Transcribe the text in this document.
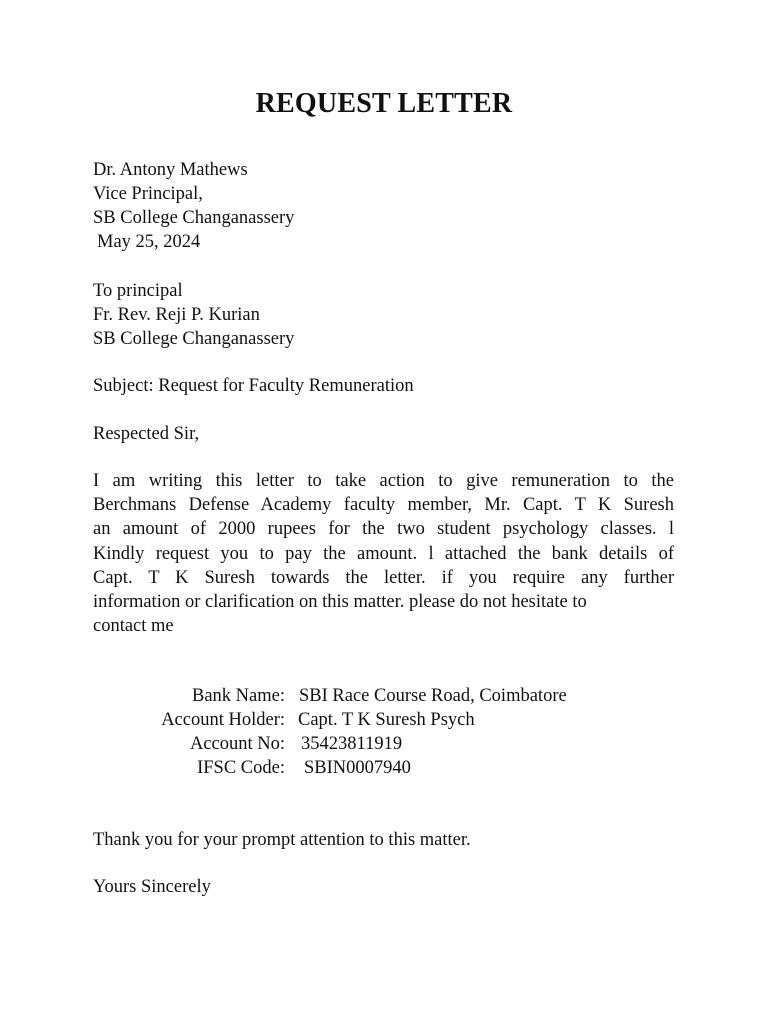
REQUEST LETTER
Dr. Antony Mathews
Vice Principal,
SB College Changanassery
May 25, 2024
To principal
Fr. Rev. Reji P. Kurian
SB College Changanassery
Subject: Request for Faculty Remuneration
Respected Sir,
I am writing this letter to take action to give remuneration to the
Berchmans Defense Academy faculty member, Mr. Capt. T K Suresh
an amount of 2000 rupees for the two student psychology classes. l
Kindly request you to pay the amount. l attached the bank details of
Capt. T K Suresh towards the letter. if you require any further
information or clarification on this matter. please do not hesitate to
contact me
Bank Name: SBI Race Course Road, Coimbatore
Account Holder: Capt. T K Suresh Psych
Account No: 35423811919
IFSC Code: SBIN0007940
Thank you for your prompt attention to this matter.
Yours Sincerely
